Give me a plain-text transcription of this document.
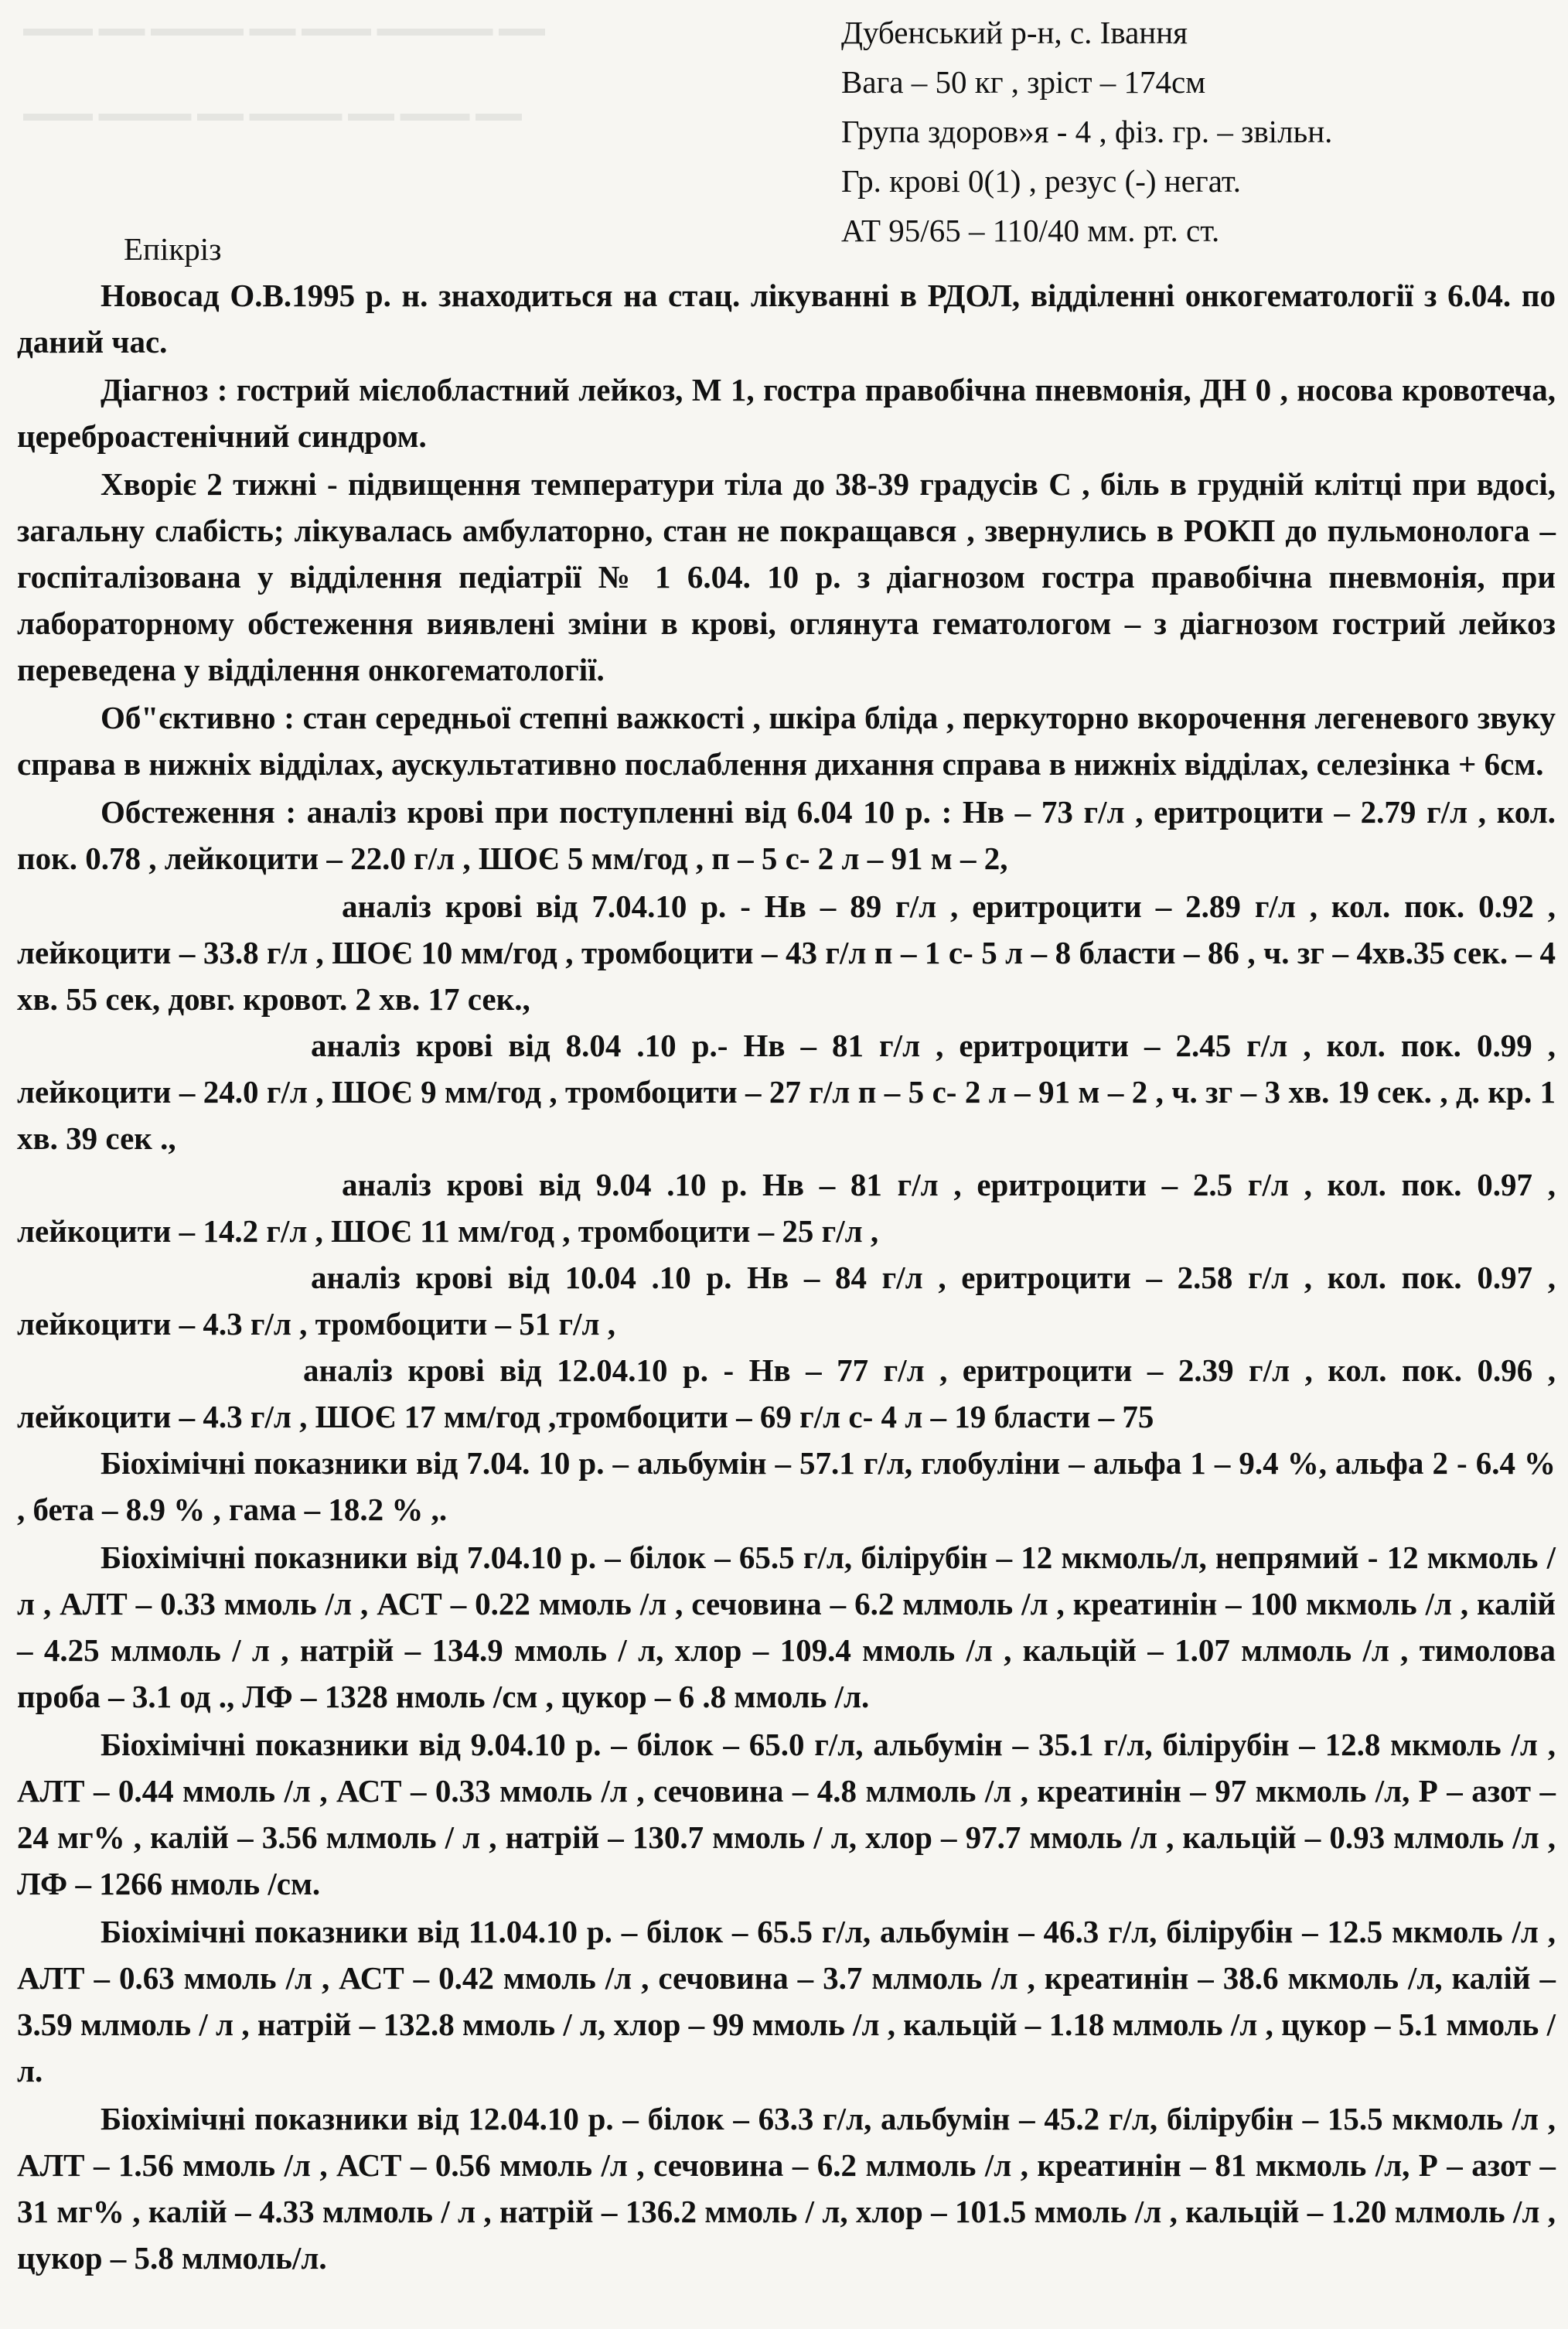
▬▬▬ ▬▬ ▬▬▬▬ ▬▬ ▬▬▬ ▬▬▬▬▬ ▬▬
▬▬▬ ▬▬▬▬ ▬▬ ▬▬▬▬ ▬▬ ▬▬▬ ▬▬
Дубенський р-н, с. Івання
Вага – 50 кг , зріст – 174см
Група здоров»я - 4 , фіз. гр. – звільн.
Гр. крові 0(1) , резус (-) негат.
АТ 95/65 – 110/40 мм. рт. ст.
Епікріз

Новосад О.В.1995 р. н. знаходиться на стац. лікуванні в РДОЛ, відділенні онкогематології з 6.04. по даний час.

Діагноз : гострий мієлобластний лейкоз, М 1, гостра правобічна пневмонія, ДН 0 , носова кровотеча, цереброастенічний синдром.

Хворіє 2 тижні - підвищення температури тіла до 38-39 градусів С , біль в грудній клітці при вдосі, загальну слабість; лікувалась амбулаторно, стан не покращався , звернулись в РОКП до пульмонолога – госпіталізована у відділення педіатрії № 1 6.04. 10 р. з діагнозом гостра правобічна пневмонія, при лабораторному обстеження виявлені зміни в крові, оглянута гематологом – з діагнозом гострий лейкоз переведена у відділення онкогематології.

Об"єктивно : стан середньої степні важкості , шкіра бліда , перкуторно вкорочення легеневого звуку справа в нижніх відділах, аускультативно послаблення дихання справа в нижніх відділах, селезінка + 6см.

Обстеження : аналіз крові при поступленні від 6.04 10 р. : Нв – 73 г/л , еритроцити – 2.79 г/л , кол. пок. 0.78 , лейкоцити – 22.0 г/л , ШОЄ 5 мм/год , п – 5 с- 2 л – 91 м – 2,

аналіз крові від 7.04.10 р. - Нв – 89 г/л , еритроцити – 2.89 г/л , кол. пок. 0.92 , лейкоцити – 33.8 г/л , ШОЄ 10 мм/год , тромбоцити – 43 г/л п – 1 с- 5 л – 8 бласти – 86 , ч. зг – 4хв.35 сек. – 4 хв. 55 сек, довг. кровот. 2 хв. 17 сек.,

аналіз крові від 8.04 .10 р.- Нв – 81 г/л , еритроцити – 2.45 г/л , кол. пок. 0.99 , лейкоцити – 24.0 г/л , ШОЄ 9 мм/год , тромбоцити – 27 г/л п – 5 с- 2 л – 91 м – 2 , ч. зг – 3 хв. 19 сек. , д. кр. 1 хв. 39 сек .,

аналіз крові від 9.04 .10 р. Нв – 81 г/л , еритроцити – 2.5 г/л , кол. пок. 0.97 , лейкоцити – 14.2 г/л , ШОЄ 11 мм/год , тромбоцити – 25 г/л ,

аналіз крові від 10.04 .10 р. Нв – 84 г/л , еритроцити – 2.58 г/л , кол. пок. 0.97 , лейкоцити – 4.3 г/л , тромбоцити – 51 г/л ,

аналіз крові від 12.04.10 р. - Нв – 77 г/л , еритроцити – 2.39 г/л , кол. пок. 0.96 , лейкоцити – 4.3 г/л , ШОЄ 17 мм/год ,тромбоцити – 69 г/л с- 4 л – 19 бласти – 75

Біохімічні показники від 7.04. 10 р. – альбумін – 57.1 г/л, глобуліни – альфа 1 – 9.4 %, альфа 2 - 6.4 % , бета – 8.9 % , гама – 18.2 % ,.

Біохімічні показники від 7.04.10 р. – білок – 65.5 г/л, білірубін – 12 мкмоль/л, непрямий - 12 мкмоль /л , АЛТ – 0.33 ммоль /л , АСТ – 0.22 ммоль /л , сечовина – 6.2 млмоль /л , креатинін – 100 мкмоль /л , калій – 4.25 млмоль / л , натрій – 134.9 ммоль / л, хлор – 109.4 ммоль /л , кальцій – 1.07 млмоль /л , тимолова проба – 3.1 од ., ЛФ – 1328 нмоль /см , цукор – 6 .8 ммоль /л.

Біохімічні показники від 9.04.10 р. – білок – 65.0 г/л, альбумін – 35.1 г/л, білірубін – 12.8 мкмоль /л , АЛТ – 0.44 ммоль /л , АСТ – 0.33 ммоль /л , сечовина – 4.8 млмоль /л , креатинін – 97 мкмоль /л, Р – азот – 24 мг% , калій – 3.56 млмоль / л , натрій – 130.7 ммоль / л, хлор – 97.7 ммоль /л , кальцій – 0.93 млмоль /л , ЛФ – 1266 нмоль /см.

Біохімічні показники від 11.04.10 р. – білок – 65.5 г/л, альбумін – 46.3 г/л, білірубін – 12.5 мкмоль /л , АЛТ – 0.63 ммоль /л , АСТ – 0.42 ммоль /л , сечовина – 3.7 млмоль /л , креатинін – 38.6 мкмоль /л, калій – 3.59 млмоль / л , натрій – 132.8 ммоль / л, хлор – 99 ммоль /л , кальцій – 1.18 млмоль /л , цукор – 5.1 ммоль /л.

Біохімічні показники від 12.04.10 р. – білок – 63.3 г/л, альбумін – 45.2 г/л, білірубін – 15.5 мкмоль /л , АЛТ – 1.56 ммоль /л , АСТ – 0.56 ммоль /л , сечовина – 6.2 млмоль /л , креатинін – 81 мкмоль /л, Р – азот – 31 мг% , калій – 4.33 млмоль / л , натрій – 136.2 ммоль / л, хлор – 101.5 ммоль /л , кальцій – 1.20 млмоль /л , цукор – 5.8 млмоль/л.
